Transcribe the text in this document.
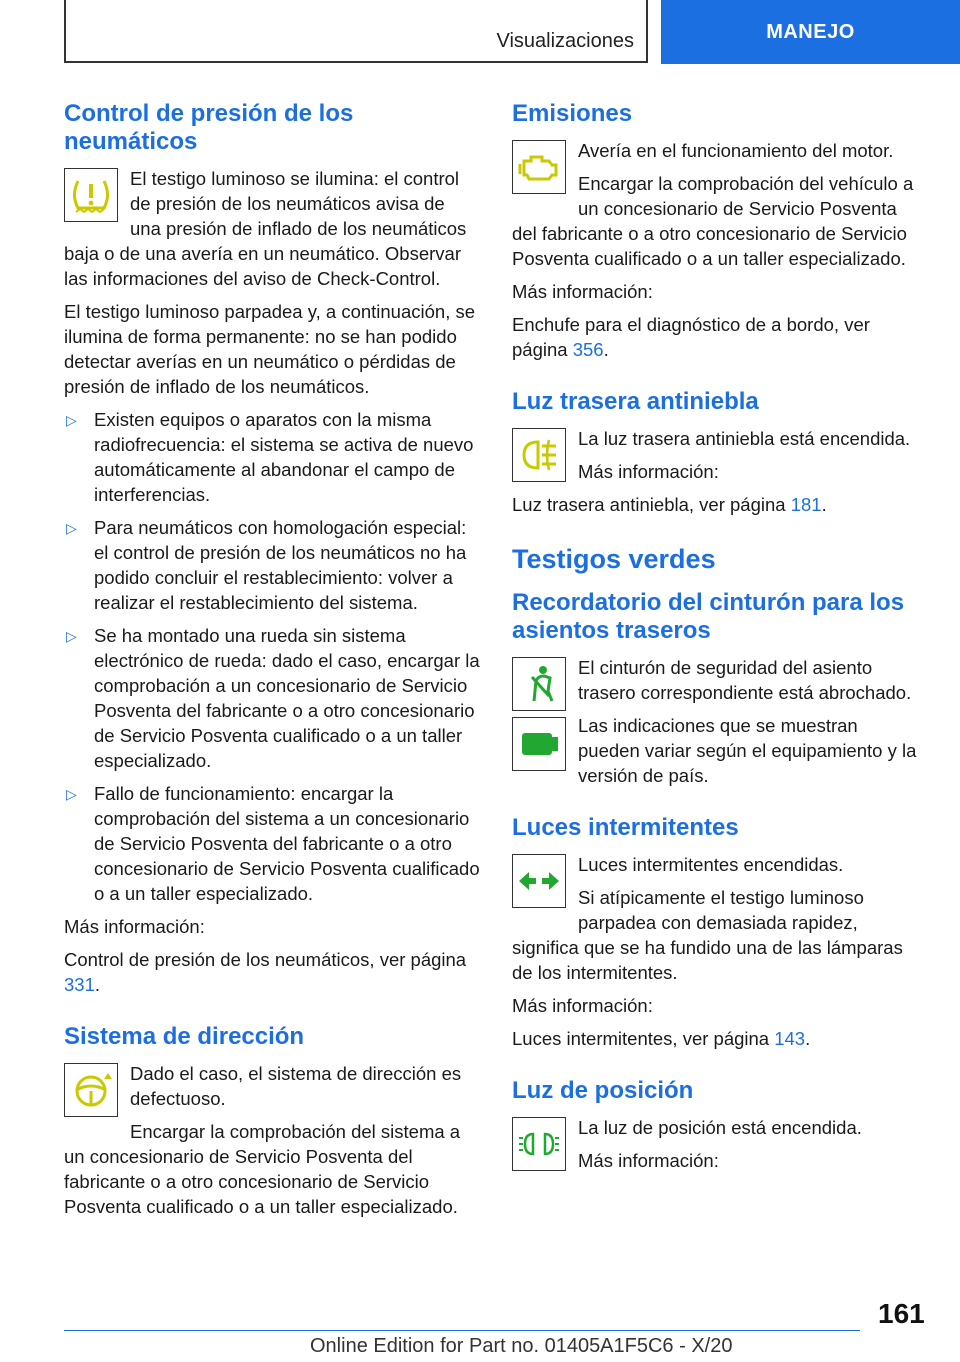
Visualizaciones	MANEJO
Control de presión de los neumáticos

El testigo luminoso se ilumina: el control de presión de los neumáticos avisa de una presión de inflado de los neumáticos baja o de una avería en un neumático. Observar las informaciones del aviso de Check-Control.

El testigo luminoso parpadea y, a continuación, se ilumina de forma permanente: no se han podido detectar averías en un neumático o pérdidas de presión de inflado de los neumáticos.

▷ Existen equipos o aparatos con la misma radiofrecuencia: el sistema se activa de nuevo automáticamente al abandonar el campo de interferencias.
▷ Para neumáticos con homologación especial: el control de presión de los neumáticos no ha podido concluir el restablecimiento: volver a realizar el restablecimiento del sistema.
▷ Se ha montado una rueda sin sistema electrónico de rueda: dado el caso, encargar la comprobación a un concesionario de Servicio Posventa del fabricante o a otro concesionario de Servicio Posventa cualificado o a un taller especializado.
▷ Fallo de funcionamiento: encargar la comprobación del sistema a un concesionario de Servicio Posventa del fabricante o a otro concesionario de Servicio Posventa cualificado o a un taller especializado.

Más información:

Control de presión de los neumáticos, ver página 331.

Sistema de dirección

Dado el caso, el sistema de dirección es defectuoso.

Encargar la comprobación del sistema a un concesionario de Servicio Posventa del fabricante o a otro concesionario de Servicio Posventa cualificado o a un taller especializado.

Emisiones

Avería en el funcionamiento del motor.

Encargar la comprobación del vehículo a un concesionario de Servicio Posventa del fabricante o a otro concesionario de Servicio Posventa cualificado o a un taller especializado.

Más información:

Enchufe para el diagnóstico de a bordo, ver página 356.

Luz trasera antiniebla

La luz trasera antiniebla está encendida.

Más información:

Luz trasera antiniebla, ver página 181.

Testigos verdes
Recordatorio del cinturón para los asientos traseros

El cinturón de seguridad del asiento trasero correspondiente está abrochado.

Las indicaciones que se muestran pueden variar según el equipamiento y la versión de país.

Luces intermitentes

Luces intermitentes encendidas.

Si atípicamente el testigo luminoso parpadea con demasiada rapidez, significa que se ha fundido una de las lámparas de los intermitentes.

Más información:

Luces intermitentes, ver página 143.

Luz de posición

La luz de posición está encendida.

Más información:

161
Online Edition for Part no. 01405A1F5C6 - X/20
